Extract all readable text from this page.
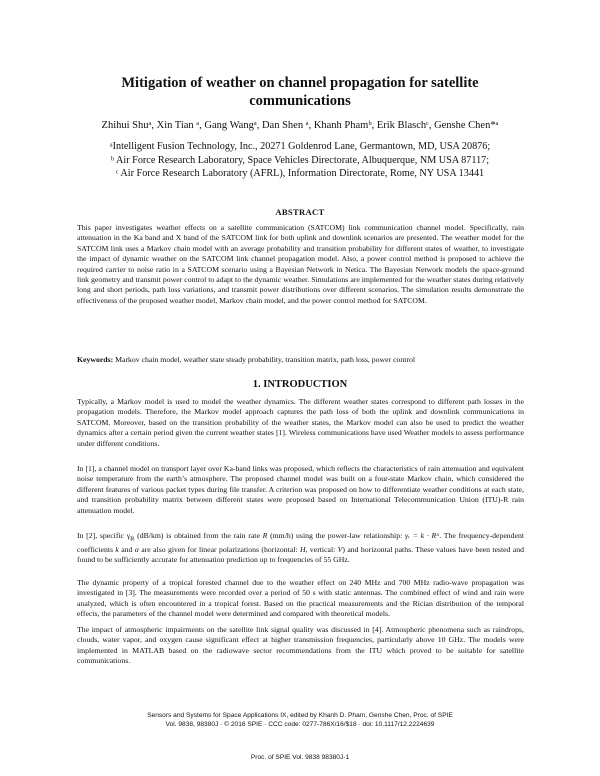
Mitigation of weather on channel propagation for satellite communications
Zhihui Shuᵃ, Xin Tian ᵃ, Gang Wangᵃ, Dan Shen ᵃ, Khanh Phamᵇ, Erik Blaschᶜ, Genshe Chen*ᵃ
ᵃIntelligent Fusion Technology, Inc., 20271 Goldenrod Lane, Germantown, MD, USA 20876;
ᵇ Air Force Research Laboratory, Space Vehicles Directorate, Albuquerque, NM USA 87117;
ᶜ Air Force Research Laboratory (AFRL), Information Directorate, Rome, NY USA 13441
ABSTRACT

This paper investigates weather effects on a satellite communication (SATCOM) link communication channel model. Specifically, rain attenuation in the Ka band and X band of the SATCOM link for both uplink and downlink scenarios are presented. The weather model for the SATCOM link uses a Markov chain model with an average probability and transition probability for different states of weather, to investigate the impact of dynamic weather on the SATCOM link channel propagation model. Also, a power control method is proposed to achieve the required carrier to noise ratio in a SATCOM scenario using a Bayesian Network in Netica. The Bayesian Network models the space-ground link geometry and transmit power control to adapt to the dynamic weather. Simulations are implemented for the weather states during relatively long and short periods, path loss variations, and transmit power distributions over different scenarios. The simulation results demonstrate the effectiveness of the proposed weather model, Markov chain model, and the power control method for SATCOM.

Keywords: Markov chain model, weather state steady probability, transition matrix, path loss, power control

1. INTRODUCTION

Typically, a Markov model is used to model the weather dynamics. The different weather states correspond to different path losses in the propagation models. Therefore, the Markov model approach captures the path loss of both the uplink and downlink communications in SATCOM. Moreover, based on the transition probability of the weather states, the Markov model can also be used to predict the weather dynamics after a certain period given the current weather states [1]. Wireless communications have used Weather models to assess performance under different conditions.

In [1], a channel model on transport layer over Ka-band links was proposed, which reflects the characteristics of rain attenuation and equivalent noise temperature from the earth’s atmosphere. The proposed channel model was built on a four-state Markov chain, which considered the different features of various packet types during file transfer. A criterion was proposed on how to differentiate weather conditions at each state, and transition probability matrix between different states were proposed based on International Telecommunication Union (ITU)-R rain attenuation model.

In [2], specific $\gamma_R$ (dB/km) is obtained from the rain rate R (mm/h) using the power-law relationship: γᵣ = k · Rᵅ. The frequency-dependent coefficients k and α are also given for linear polarizations (horizontal: H, vertical: V) and horizontal paths. These values have been tested and found to be sufficiently accurate for attenuation prediction up to frequencies of 55 GHz.

The dynamic property of a tropical forested channel due to the weather effect on 240 MHz and 700 MHz radio-wave propagation was investigated in [3]. The measurements were recorded over a period of 50 s with static antennas. The combined effect of wind and rain were analyzed, which is often encountered in a tropical forest. Based on the practical measurements and the Rician distribution of the temporal effects, the parameters of the channel model were determined and compared with theoretical models.

The impact of atmospheric impairments on the satellite link signal quality was discussed in [4]. Atmospheric phenomena such as raindrops, clouds, water vapor, and oxygen cause significant effect at higher transmission frequencies, particularly above 10 GHz. The models were implemented in MATLAB based on the radiowave sector recommendations from the ITU which proved to be suitable for satellite communications.

Sensors and Systems for Space Applications IX, edited by Khanh D. Pham, Genshe Chen, Proc. of SPIE
Vol. 9838, 98380J · © 2016 SPIE · CCC code: 0277-786X/16/$18 · doi: 10.1117/12.2224639
Proc. of SPIE Vol. 9838 98380J-1
